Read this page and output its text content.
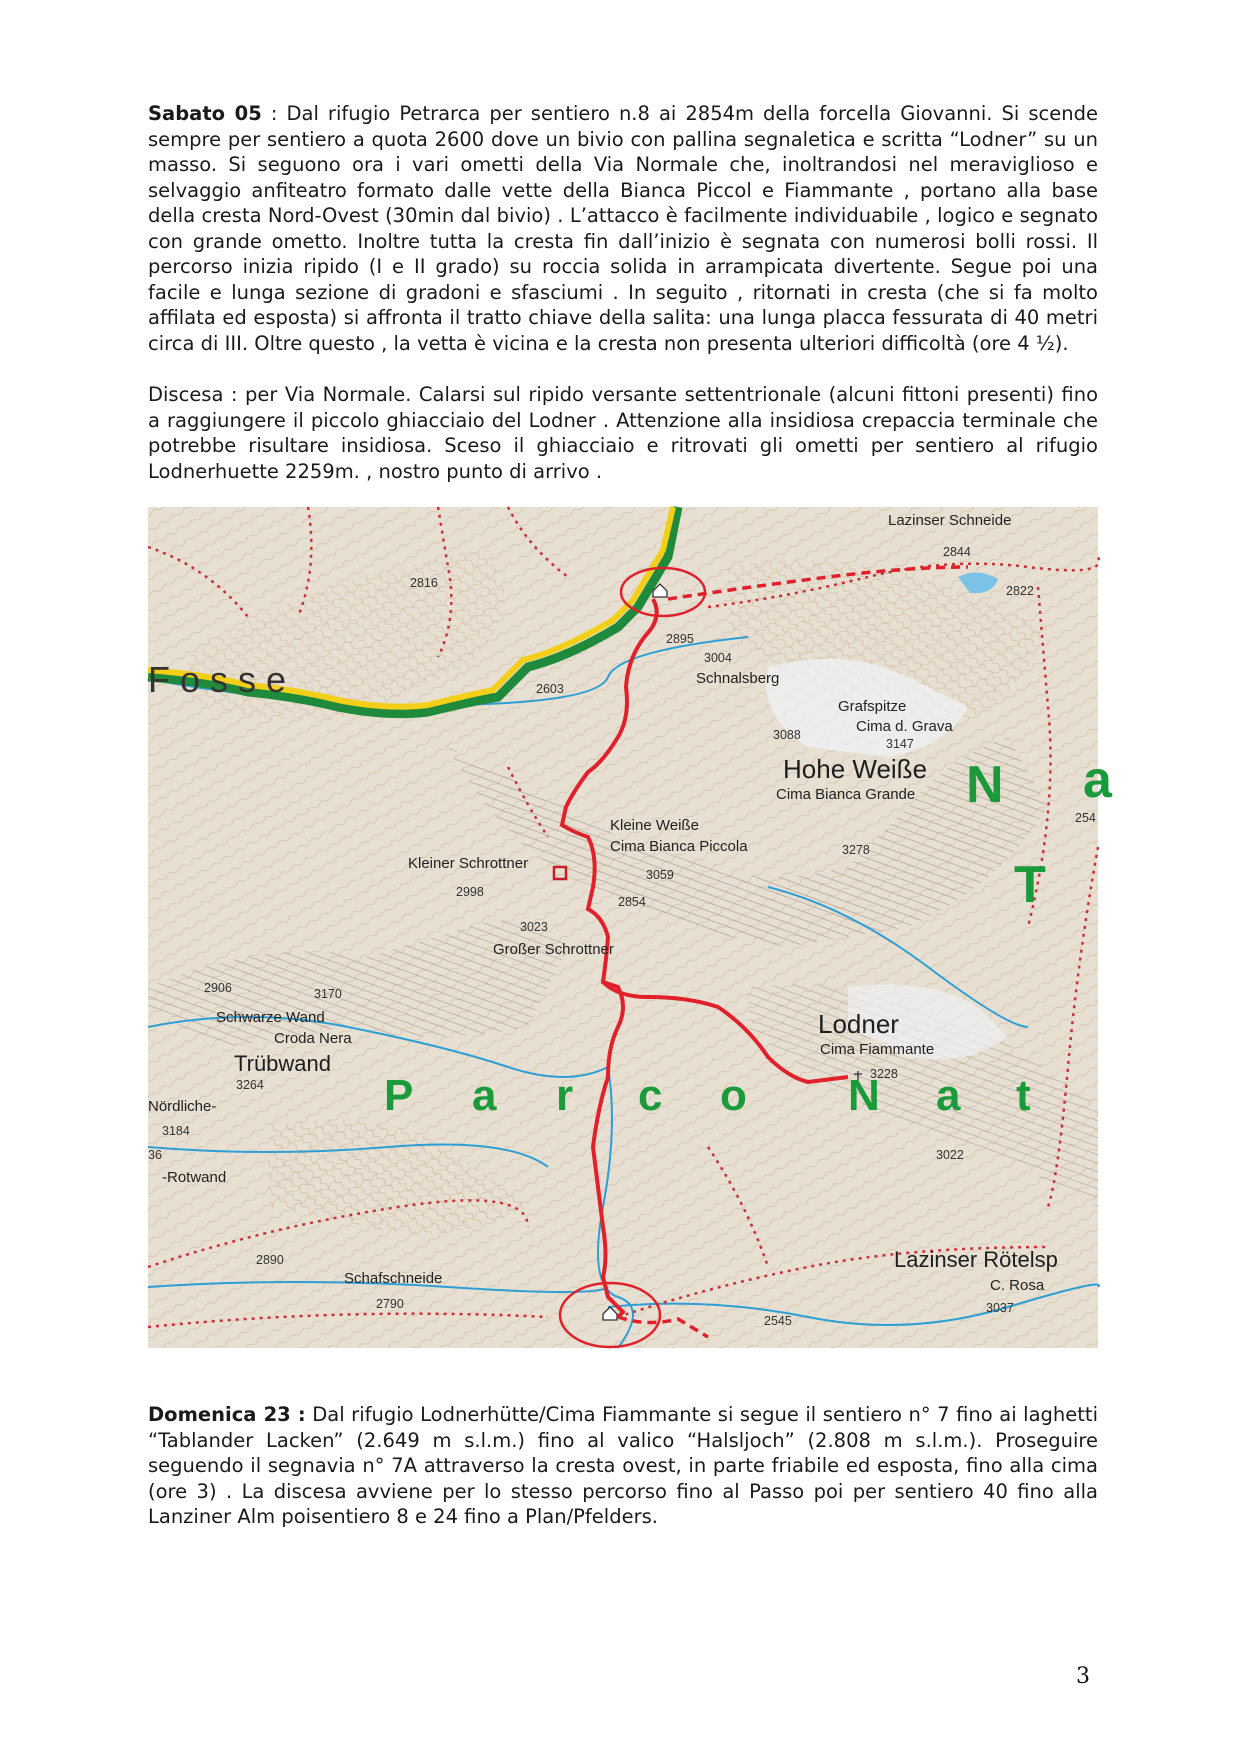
Sabato 05 : Dal rifugio Petrarca per sentiero n.8 ai 2854m della forcella Giovanni. Si scende sempre per sentiero a quota 2600 dove un bivio con pallina segnaletica e scritta “Lodner” su un masso. Si seguono ora i vari ometti della Via Normale che, inoltrandosi nel meraviglioso e selvaggio anfiteatro formato dalle vette della Bianca Piccol e Fiammante , portano alla base della cresta Nord-Ovest (30min dal bivio) . L’attacco è facilmente individuabile , logico e segnato con grande ometto. Inoltre tutta la cresta fin dall’inizio è segnata con numerosi bolli rossi. Il percorso inizia ripido (I e II grado) su roccia solida in arrampicata divertente. Segue poi una facile e lunga sezione di gradoni e sfasciumi . In seguito , ritornati in cresta (che si fa molto affilata ed esposta) si affronta il tratto chiave della salita: una lunga placca fessurata di 40 metri circa di III. Oltre questo , la vetta è vicina e la cresta non presenta ulteriori difficoltà (ore 4 ½).

Discesa : per Via Normale. Calarsi sul ripido versante settentrionale (alcuni fittoni presenti) fino a raggiungere il piccolo ghiacciaio del Lodner . Attenzione alla insidiosa crepaccia terminale che potrebbe risultare insidiosa. Sceso il ghiacciaio e ritrovati gli ometti per sentiero al rifugio Lodnerhuette 2259m. , nostro punto di arrivo .

Lazinser Schneide
2844
2822
2816
2895
3004
Schnalsberg
F o s s e	2603
Grafspitze
Cima d. Grava
3147
3088
Hohe Weiße
Cima Bianca Grande N a
254
Kleine Weiße
Cima Bianca Piccola	3278
Kleiner Schrottner
3059
2998
2854	T
3023
Großer Schrottner
2906	3170
Schwarze Wand
Croda Nera	Lodner
Cima Fiammante
Trübwand
3264
3228
P a r c o N a t
Nördliche-
3184
36
-Rotwand
3022
2890
Schafschneide
Lazinser Rötelsp
2790
C. Rosa
3037
2545

Domenica 23 : Dal rifugio Lodnerhütte/Cima Fiammante si segue il sentiero n° 7 fino ai laghetti “Tablander Lacken” (2.649 m s.l.m.) fino al valico “Halsljoch” (2.808 m s.l.m.). Proseguire seguendo il segnavia n° 7A attraverso la cresta ovest, in parte friabile ed esposta, fino alla cima (ore 3) . La discesa avviene per lo stesso percorso fino al Passo poi per sentiero 40 fino alla Lanziner Alm poisentiero 8 e 24 fino a Plan/Pfelders.

3
